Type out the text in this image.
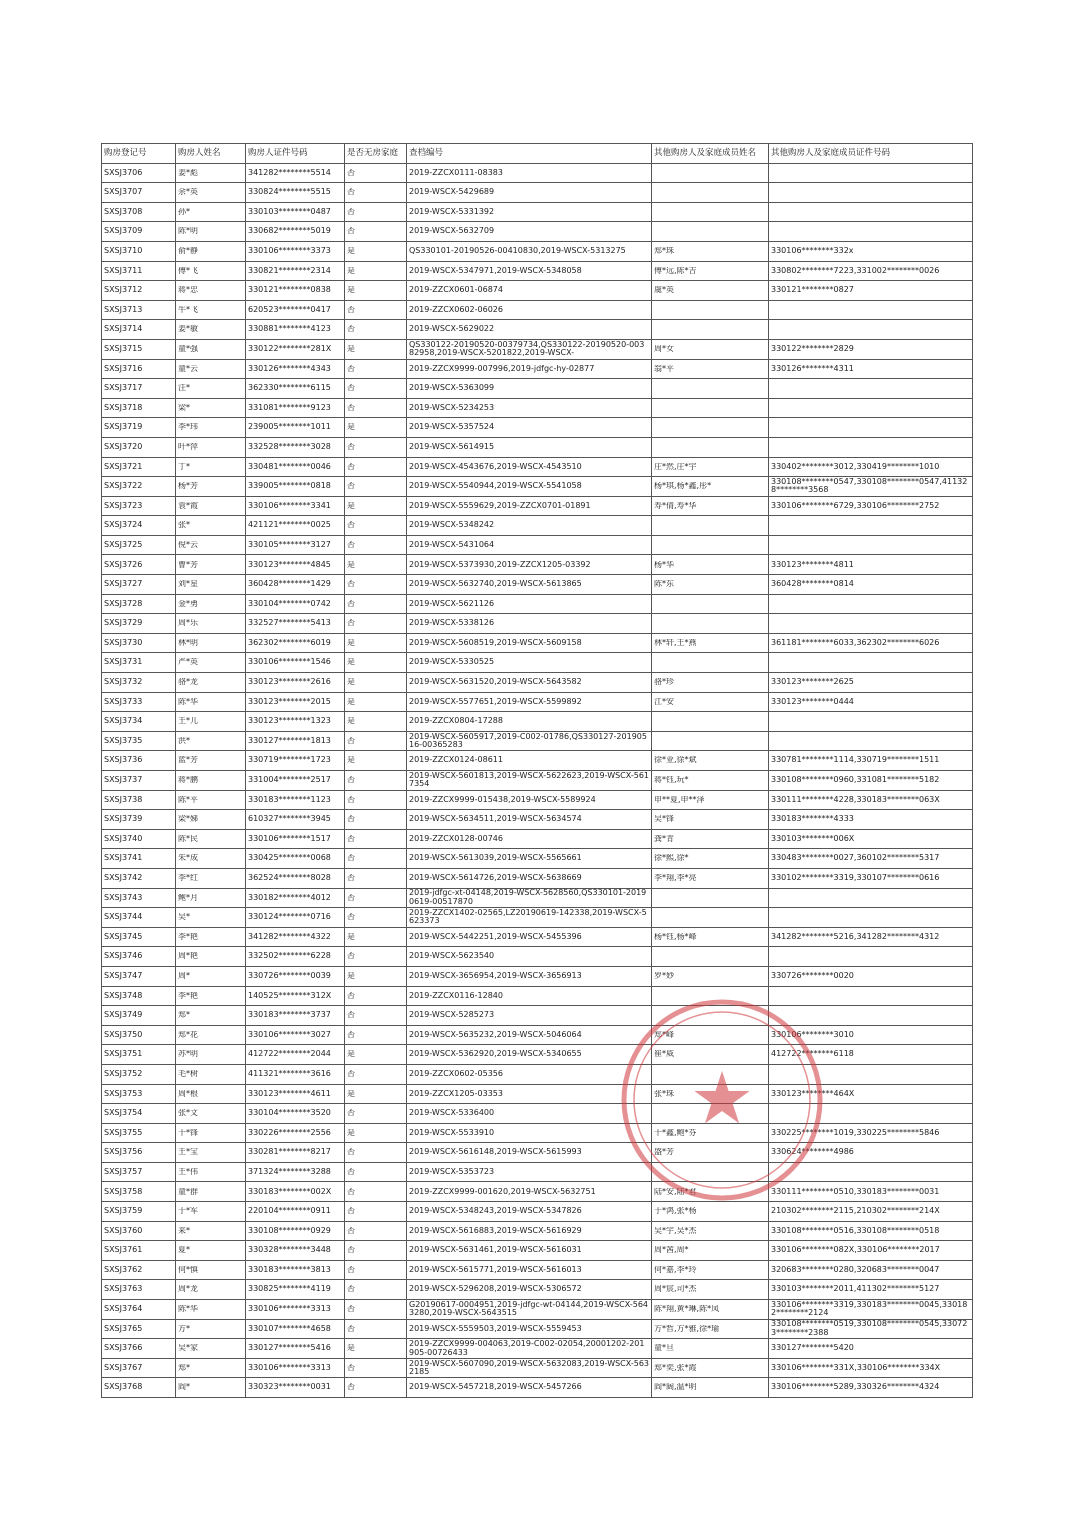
购房登记号	购房人姓名	购房人证件号码	是否无房家庭	查档编号	其他购房人及家庭成员姓名	其他购房人及家庭成员证件号码

SXSJ3706	姜*彪	341282********5514	否	2019-ZZCX0111-08383		

SXSJ3707	余*英	330824********5515	否	2019-WSCX-5429689		

SXSJ3708	孙*	330103********0487	否	2019-WSCX-5331392		

SXSJ3709	陈*明	330682********5019	否	2019-WSCX-5632709		

SXSJ3710	俞*静	330106********3373	是	QS330101-20190526-00410830,2019-WSCX-5313275	郑*珠	330106********332x

SXSJ3711	傅*飞	330821********2314	是	2019-WSCX-5347971,2019-WSCX-5348058	傅*远,陈*吉	330802********7223,331002********0026

SXSJ3712	蒋*忠	330121********0838	是	2019-ZZCX0601-06874	虞*英	330121********0827

SXSJ3713	牛*飞	620523********0417	否	2019-ZZCX0602-06026		

SXSJ3714	姜*敏	330881********4123	否	2019-WSCX-5629022		

SXSJ3715	童*强	330122********281X	是	QS330122-20190520-00379734,QS330122-20190520-00382958,2019-WSCX-5201822,2019-WSCX-	周*女	330122********2829

SXSJ3716	童*云	330126********4343	否	2019-ZZCX9999-007996,2019-jdfgc-hy-02877	翁*平	330126********4311

SXSJ3717	汪*	362330********6115	否	2019-WSCX-5363099		

SXSJ3718	梁*	331081********9123	否	2019-WSCX-5234253		

SXSJ3719	李*玮	239005********1011	是	2019-WSCX-5357524		

SXSJ3720	叶*萍	332528********3028	否	2019-WSCX-5614915		

SXSJ3721	丁*	330481********0046	否	2019-WSCX-4543676,2019-WSCX-4543510	庄*然,庄*宇	330402********3012,330419********1010

SXSJ3722	杨*芳	339005********0818	否	2019-WSCX-5540944,2019-WSCX-5541058	杨*琪,杨*鑫,彤*	330108********0547,330108********0547,411328********3568

SXSJ3723	袁*霞	330106********3341	是	2019-WSCX-5559629,2019-ZZCX0701-01891	寿*倩,寿*华	330106********6729,330106********2752

SXSJ3724	张*	421121********0025	否	2019-WSCX-5348242		

SXSJ3725	倪*云	330105********3127	否	2019-WSCX-5431064		

SXSJ3726	曹*芳	330123********4845	是	2019-WSCX-5373930,2019-ZZCX1205-03392	杨*华	330123********4811

SXSJ3727	刘*星	360428********1429	否	2019-WSCX-5632740,2019-WSCX-5613865	陈*东	360428********0814

SXSJ3728	金*勇	330104********0742	否	2019-WSCX-5621126		

SXSJ3729	周*乐	332527********5413	否	2019-WSCX-5338126		

SXSJ3730	林*明	362302********6019	是	2019-WSCX-5608519,2019-WSCX-5609158	林*轩,王*燕	361181********6033,362302********6026

SXSJ3731	严*英	330106********1546	是	2019-WSCX-5330525		

SXSJ3732	骆*龙	330123********2616	是	2019-WSCX-5631520,2019-WSCX-5643582	骆*珍	330123********2625

SXSJ3733	陈*华	330123********2015	是	2019-WSCX-5577651,2019-WSCX-5599892	江*安	330123********0444

SXSJ3734	王*儿	330123********1323	是	2019-ZZCX0804-17288		

SXSJ3735	洪*	330127********1813	否	2019-WSCX-5605917,2019-C002-01786,QS330127-20190516-00365283		

SXSJ3736	蓝*芳	330719********1723	是	2019-ZZCX0124-08611	徐*业,徐*斌	330781********1114,330719********1511

SXSJ3737	蒋*鹏	331004********2517	否	2019-WSCX-5601813,2019-WSCX-5622623,2019-WSCX-5617354	蒋*钰,玩*	330108********0960,331081********5182

SXSJ3738	陈*平	330183********1123	否	2019-ZZCX9999-015438,2019-WSCX-5589924	申**夏,申**泽	330111********4228,330183********063X

SXSJ3739	梁*娣	610327********3945	否	2019-WSCX-5634511,2019-WSCX-5634574	吴*锋	330183********4333

SXSJ3740	陈*民	330106********1517	否	2019-ZZCX0128-00746	龚*青	330103********006X

SXSJ3741	朱*成	330425********0068	否	2019-WSCX-5613039,2019-WSCX-5565661	徐*熙,徐*	330483********0027,360102********5317

SXSJ3742	李*红	362524********8028	否	2019-WSCX-5614726,2019-WSCX-5638669	李*翔,李*亮	330102********3319,330107********0616

SXSJ3743	鲍*月	330182********4012	否	2019-jdfgc-xt-04148,2019-WSCX-5628560,QS330101-20190619-00517870		

SXSJ3744	吴*	330124********0716	否	2019-ZZCX1402-02565,LZ20190619-142338,2019-WSCX-5623373		

SXSJ3745	李*艳	341282********4322	是	2019-WSCX-5442251,2019-WSCX-5455396	杨*钰,杨*峰	341282********5216,341282********4312

SXSJ3746	周*艳	332502********6228	否	2019-WSCX-5623540		

SXSJ3747	周*	330726********0039	是	2019-WSCX-3656954,2019-WSCX-3656913	罗*妙	330726********0020

SXSJ3748	李*艳	140525********312X	否	2019-ZZCX0116-12840		

SXSJ3749	郑*	330183********3737	否	2019-WSCX-5285273		

SXSJ3750	郑*花	330106********3027	否	2019-WSCX-5635232,2019-WSCX-5046064	郑*峰	330106********3010

SXSJ3751	苏*明	412722********2044	是	2019-WSCX-5362920,2019-WSCX-5340655	崔*威	412722********6118

SXSJ3752	毛*树	411321********3616	否	2019-ZZCX0602-05356		

SXSJ3753	周*根	330123********4611	是	2019-ZZCX1205-03353	张*珠	330123********464X

SXSJ3754	张*文	330104********3520	否	2019-WSCX-5336400		

SXSJ3755	干*锋	330226********2556	是	2019-WSCX-5533910	干*鑫,鲍*芬	330225********1019,330225********5846

SXSJ3756	王*宝	330281********8217	否	2019-WSCX-5616148,2019-WSCX-5615993	盛*芳	330624********4986

SXSJ3757	王*伟	371324********3288	否	2019-WSCX-5353723		

SXSJ3758	童*群	330183********002X	否	2019-ZZCX9999-001620,2019-WSCX-5632751	陆*安,陆*君	330111********0510,330183********0031

SXSJ3759	于*军	220104********0911	否	2019-WSCX-5348243,2019-WSCX-5347826	于*鸿,张*杨	210302********2115,210302********214X

SXSJ3760	来*	330108********0929	否	2019-WSCX-5616883,2019-WSCX-5616929	吴*宇,吴*杰	330108********0516,330108********0518

SXSJ3761	夏*	330328********3448	否	2019-WSCX-5631461,2019-WSCX-5616031	周*茜,周*	330106********082X,330106********2017

SXSJ3762	何*慎	330183********3813	否	2019-WSCX-5615771,2019-WSCX-5616013	何*嘉,李*玲	320683********0280,320683********0047

SXSJ3763	周*龙	330825********4119	否	2019-WSCX-5296208,2019-WSCX-5306572	周*宸,司*杰	330103********2011,411302********5127

SXSJ3764	陈*华	330106********3313	否	G20190617-0004951,2019-jdfgc-wt-04144,2019-WSCX-5643280,2019-WSCX-5643515	陈*翔,黄*琳,陈*凤	330106********3319,330183********0045,330182********2124

SXSJ3765	方*	330107********4658	否	2019-WSCX-5559503,2019-WSCX-5559453	方*哲,方*雅,徐*瑜	330108********0519,330108********0545,330723********2388

SXSJ3766	吴*家	330127********5416	是	2019-ZZCX9999-004063,2019-C002-02054,20001202-201905-00726433	童*旦	330127********5420

SXSJ3767	郑*	330106********3313	否	2019-WSCX-5607090,2019-WSCX-5632083,2019-WSCX-5632185	郑*奕,张*霞	330106********331X,330106********334X

SXSJ3768	阎*	330323********0031	否	2019-WSCX-5457218,2019-WSCX-5457266	阎*阔,温*明	330106********5289,330326********4324
★
